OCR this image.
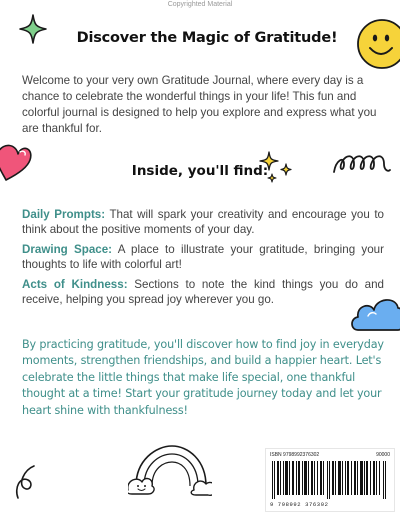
Copyrighted Material
Discover the Magic of Gratitude!
Welcome to your very own Gratitude Journal, where every day is a chance to celebrate the wonderful things in your life! This fun and colorful journal is designed to help you explore and express what you are thankful for.
Inside, you'll find:

Daily Prompts: That will spark your creativity and encourage you to think about the positive moments of your day.

Drawing Space: A place to illustrate your gratitude, bringing your thoughts to life with colorful art!

Acts of Kindness: Sections to note the kind things you do and receive, helping you spread joy wherever you go.

By practicing gratitude, you'll discover how to find joy in everyday moments, strengthen friendships, and build a happier heart. Let's celebrate the little things that make life special, one thankful thought at a time! Start your gratitude journey today and let your heart shine with thankfulness!
ISBN 9798992376302	90000
9 798992 376302
